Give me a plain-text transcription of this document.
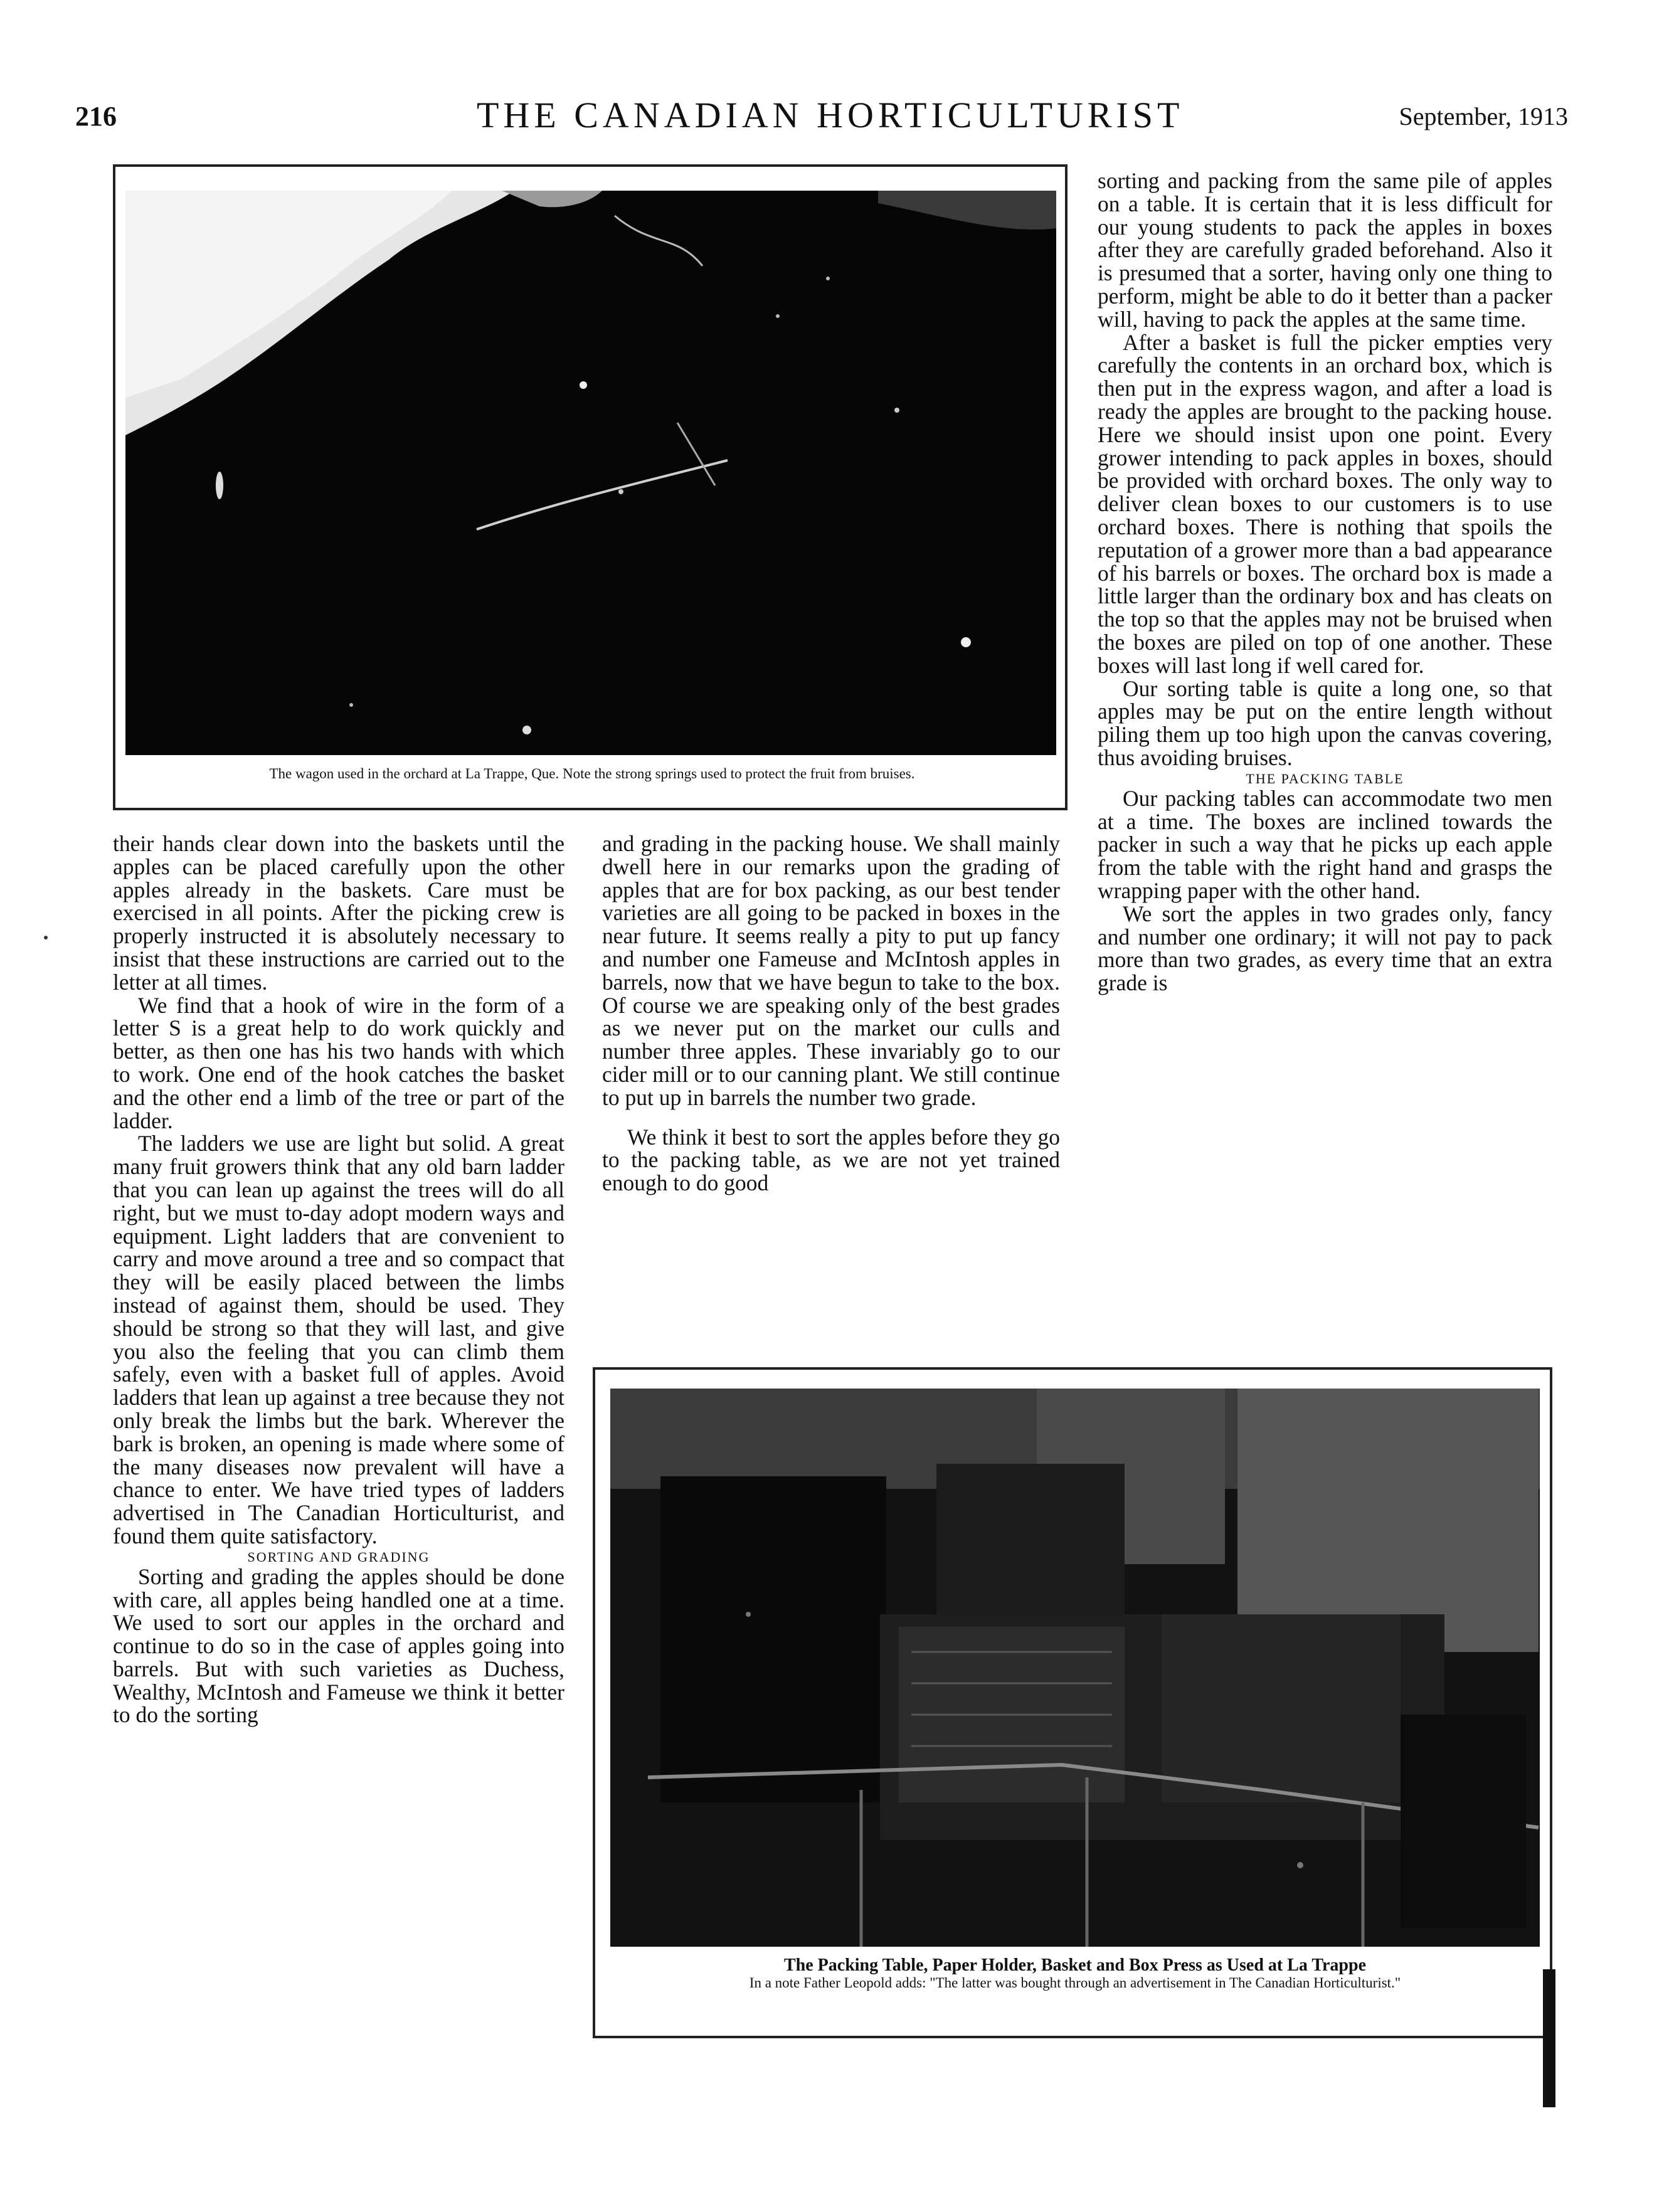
216	THE CANADIAN HORTICULTURIST	September, 1913
The wagon used in the orchard at La Trappe, Que. Note the strong springs used to protect the fruit from bruises.

their hands clear down into the baskets until the apples can be placed carefully upon the other apples already in the baskets. Care must be exercised in all points. After the picking crew is properly instructed it is absolutely necessary to insist that these instructions are carried out to the letter at all times.

We find that a hook of wire in the form of a letter S is a great help to do work quickly and better, as then one has his two hands with which to work. One end of the hook catches the basket and the other end a limb of the tree or part of the ladder.

The ladders we use are light but solid. A great many fruit growers think that any old barn ladder that you can lean up against the trees will do all right, but we must to-day adopt modern ways and equipment. Light ladders that are convenient to carry and move around a tree and so compact that they will be easily placed between the limbs instead of against them, should be used. They should be strong so that they will last, and give you also the feeling that you can climb them safely, even with a basket full of apples. Avoid ladders that lean up against a tree because they not only break the limbs but the bark. Wherever the bark is broken, an opening is made where some of the many diseases now prevalent will have a chance to enter. We have tried types of ladders advertised in The Canadian Horticulturist, and found them quite satisfactory.

SORTING AND GRADING

Sorting and grading the apples should be done with care, all apples being handled one at a time. We used to sort our apples in the orchard and continue to do so in the case of apples going into barrels. But with such varieties as Duchess, Wealthy, McIntosh and Fameuse we think it better to do the sorting

and grading in the packing house. We shall mainly dwell here in our remarks upon the grading of apples that are for box packing, as our best tender varieties are all going to be packed in boxes in the near future. It seems really a pity to put up fancy and number one Fameuse and McIntosh apples in barrels, now that we have begun to take to the box. Of course we are speaking only of the best grades as we never put on the market our culls and number three apples. These invariably go to our cider mill or to our canning plant. We still continue to put up in barrels the number two grade.

We think it best to sort the apples before they go to the packing table, as we are not yet trained enough to do good

sorting and packing from the same pile of apples on a table. It is certain that it is less difficult for our young students to pack the apples in boxes after they are carefully graded beforehand. Also it is presumed that a sorter, having only one thing to perform, might be able to do it better than a packer will, having to pack the apples at the same time.

After a basket is full the picker empties very carefully the contents in an orchard box, which is then put in the express wagon, and after a load is ready the apples are brought to the packing house. Here we should insist upon one point. Every grower intending to pack apples in boxes, should be provided with orchard boxes. The only way to deliver clean boxes to our customers is to use orchard boxes. There is nothing that spoils the reputation of a grower more than a bad appearance of his barrels or boxes. The orchard box is made a little larger than the ordinary box and has cleats on the top so that the apples may not be bruised when the boxes are piled on top of one another. These boxes will last long if well cared for.

Our sorting table is quite a long one, so that apples may be put on the entire length without piling them up too high upon the canvas covering, thus avoiding bruises.

THE PACKING TABLE

Our packing tables can accommodate two men at a time. The boxes are inclined towards the packer in such a way that he picks up each apple from the table with the right hand and grasps the wrapping paper with the other hand.

We sort the apples in two grades only, fancy and number one ordinary; it will not pay to pack more than two grades, as every time that an extra grade is

The Packing Table, Paper Holder, Basket and Box Press as Used at La Trappe
In a note Father Leopold adds: "The latter was bought through an advertisement in The Canadian Horticulturist."
